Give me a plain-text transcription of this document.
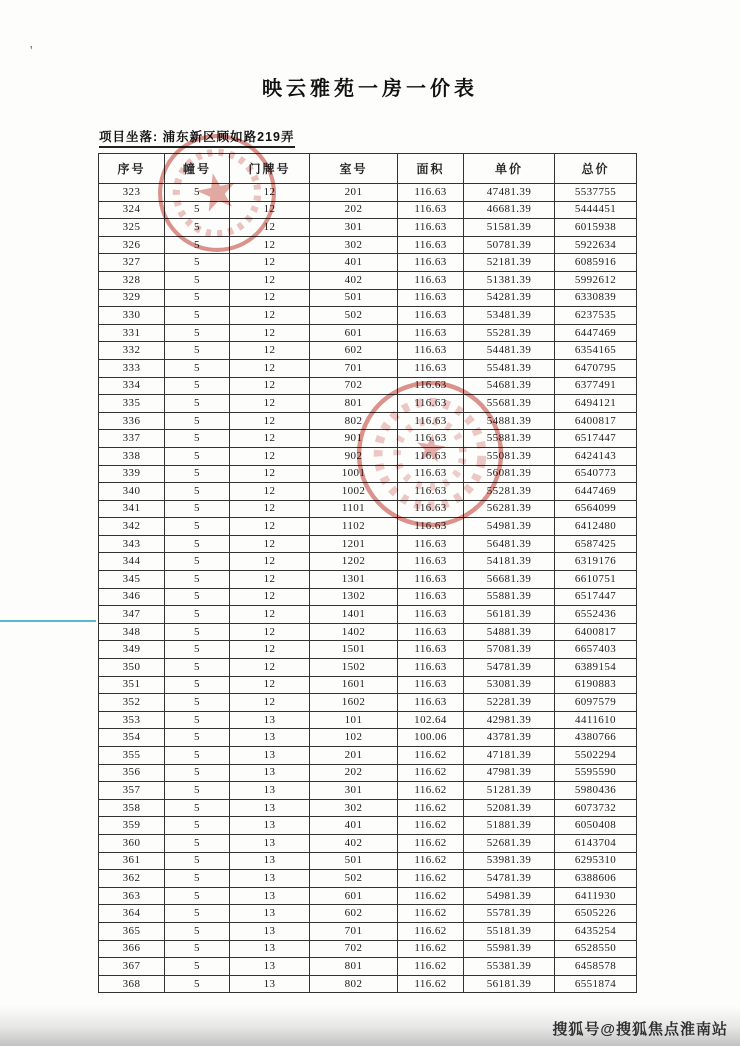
'
映云雅苑一房一价表
项目坐落: 浦东新区顾如路219弄
序号	幢号	门牌号	室号	面积	单价	总价
323	5	12	201	116.63	47481.39	5537755
324	5	12	202	116.63	46681.39	5444451
325	5	12	301	116.63	51581.39	6015938
326	5	12	302	116.63	50781.39	5922634
327	5	12	401	116.63	52181.39	6085916
328	5	12	402	116.63	51381.39	5992612
329	5	12	501	116.63	54281.39	6330839
330	5	12	502	116.63	53481.39	6237535
331	5	12	601	116.63	55281.39	6447469
332	5	12	602	116.63	54481.39	6354165
333	5	12	701	116.63	55481.39	6470795
334	5	12	702	116.63	54681.39	6377491
335	5	12	801	116.63	55681.39	6494121
336	5	12	802	116.63	54881.39	6400817
337	5	12	901	116.63	55881.39	6517447
338	5	12	902	116.63	55081.39	6424143
339	5	12	1001	116.63	56081.39	6540773
340	5	12	1002	116.63	55281.39	6447469
341	5	12	1101	116.63	56281.39	6564099
342	5	12	1102	116.63	54981.39	6412480
343	5	12	1201	116.63	56481.39	6587425
344	5	12	1202	116.63	54181.39	6319176
345	5	12	1301	116.63	56681.39	6610751
346	5	12	1302	116.63	55881.39	6517447
347	5	12	1401	116.63	56181.39	6552436
348	5	12	1402	116.63	54881.39	6400817
349	5	12	1501	116.63	57081.39	6657403
350	5	12	1502	116.63	54781.39	6389154
351	5	12	1601	116.63	53081.39	6190883
352	5	12	1602	116.63	52281.39	6097579
353	5	13	101	102.64	42981.39	4411610
354	5	13	102	100.06	43781.39	4380766
355	5	13	201	116.62	47181.39	5502294
356	5	13	202	116.62	47981.39	5595590
357	5	13	301	116.62	51281.39	5980436
358	5	13	302	116.62	52081.39	6073732
359	5	13	401	116.62	51881.39	6050408
360	5	13	402	116.62	52681.39	6143704
361	5	13	501	116.62	53981.39	6295310
362	5	13	502	116.62	54781.39	6388606
363	5	13	601	116.62	54981.39	6411930
364	5	13	602	116.62	55781.39	6505226
365	5	13	701	116.62	55181.39	6435254
366	5	13	702	116.62	55981.39	6528550
367	5	13	801	116.62	55381.39	6458578
368	5	13	802	116.62	56181.39	6551874
搜狐号@搜狐焦点淮南站
